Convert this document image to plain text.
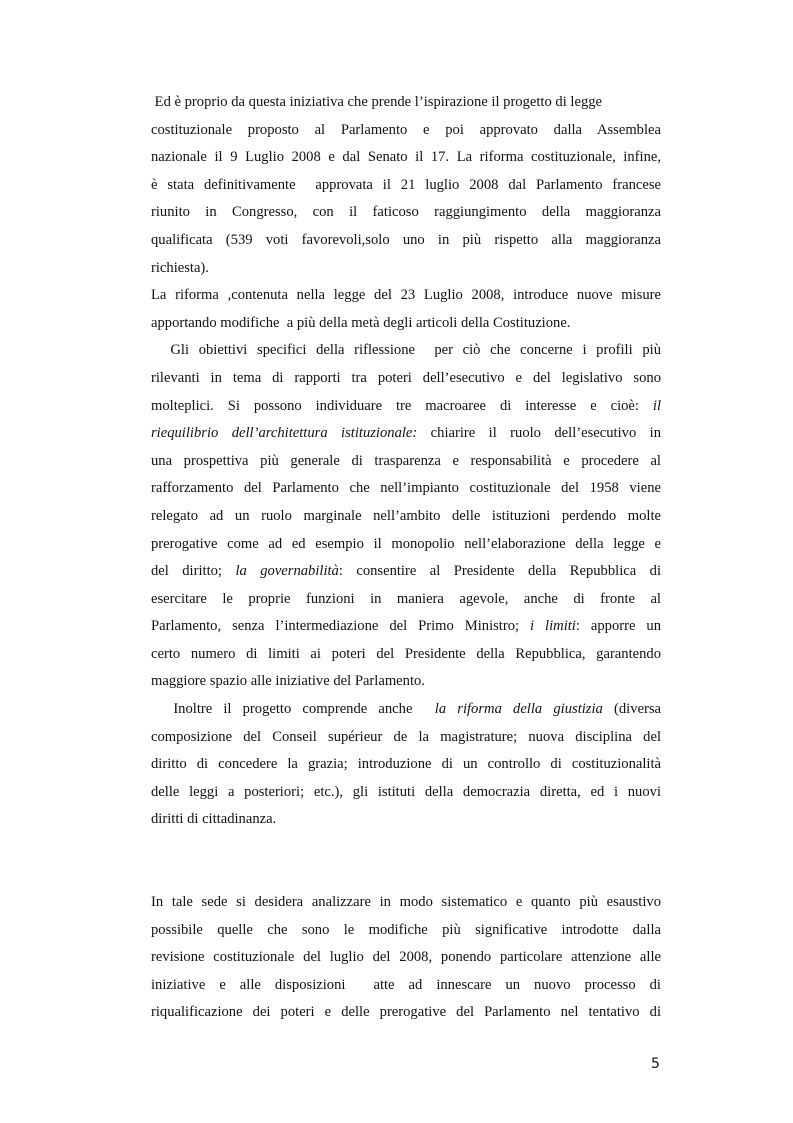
Ed è proprio da questa iniziativa che prende l’ispirazione il progetto di legge
costituzionale proposto al Parlamento e poi approvato dalla Assemblea
nazionale il 9 Luglio 2008 e dal Senato il 17. La riforma costituzionale, infine,
è stata definitivamente  approvata il 21 luglio 2008 dal Parlamento francese
riunito in Congresso, con il faticoso raggiungimento della maggioranza
qualificata (539 voti favorevoli,solo uno in più rispetto alla maggioranza
richiesta).
La riforma ,contenuta nella legge del 23 Luglio 2008, introduce nuove misure
apportando modifiche  a più della metà degli articoli della Costituzione.
Gli obiettivi specifici della riflessione  per ciò che concerne i profili più
rilevanti in tema di rapporti tra poteri dell’esecutivo e del legislativo sono
molteplici. Si possono individuare tre macroaree di interesse e cioè: il
riequilibrio dell’architettura istituzionale: chiarire il ruolo dell’esecutivo in
una prospettiva più generale di trasparenza e responsabilità e procedere al
rafforzamento del Parlamento che nell’impianto costituzionale del 1958 viene
relegato ad un ruolo marginale nell’ambito delle istituzioni perdendo molte
prerogative come ad ed esempio il monopolio nell’elaborazione della legge e
del diritto; la governabilità: consentire al Presidente della Repubblica di
esercitare le proprie funzioni in maniera agevole, anche di fronte al
Parlamento, senza l’intermediazione del Primo Ministro; i limiti: apporre un
certo numero di limiti ai poteri del Presidente della Repubblica, garantendo
maggiore spazio alle iniziative del Parlamento.
Inoltre il progetto comprende anche  la riforma della giustizia (diversa
composizione del Conseil supérieur de la magistrature; nuova disciplina del
diritto di concedere la grazia; introduzione di un controllo di costituzionalità
delle leggi a posteriori; etc.), gli istituti della democrazia diretta, ed i nuovi
diritti di cittadinanza.
In tale sede si desidera analizzare in modo sistematico e quanto più esaustivo
possibile quelle che sono le modifiche più significative introdotte dalla
revisione costituzionale del luglio del 2008, ponendo particolare attenzione alle
iniziative e alle disposizioni  atte ad innescare un nuovo processo di
riqualificazione dei poteri e delle prerogative del Parlamento nel tentativo di
5
